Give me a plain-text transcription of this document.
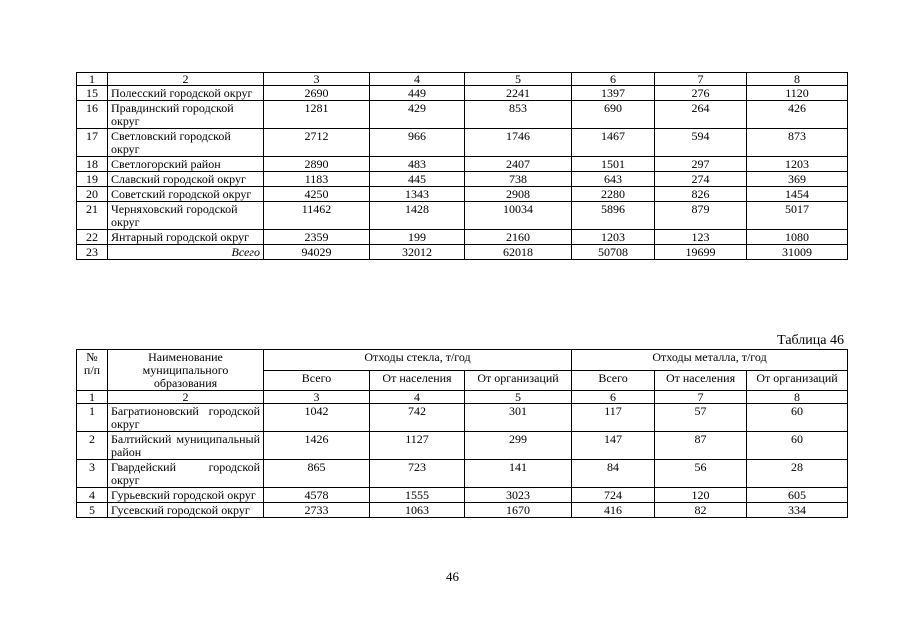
1	2	3	4	5	6	7	8
15	Полесский городской округ	2690	449	2241	1397	276	1120
16	Правдинский городской округ	1281	429	853	690	264	426
17	Светловский городской округ	2712	966	1746	1467	594	873
18	Светлогорский район	2890	483	2407	1501	297	1203
19	Славский городской округ	1183	445	738	643	274	369
20	Советский городской округ	4250	1343	2908	2280	826	1454
21	Черняховский городской округ	11462	1428	10034	5896	879	5017
22	Янтарный городской округ	2359	199	2160	1203	123	1080
23	Всего	94029	32012	62018	50708	19699	31009
Таблица 46
№ п/п	Наименование муниципального образования	Отходы стекла, т/год			Отходы металла, т/год		
		Всего	От населения	От организаций	Всего	От населения	От организаций
1	2	3	4	5	6	7	8
1	Багратионовский городской округ	1042	742	301	117	57	60
2	Балтийский муниципальный район	1426	1127	299	147	87	60
3	Гвардейский городской округ	865	723	141	84	56	28
4	Гурьевский городской округ	4578	1555	3023	724	120	605
5	Гусевский городской округ	2733	1063	1670	416	82	334
46
